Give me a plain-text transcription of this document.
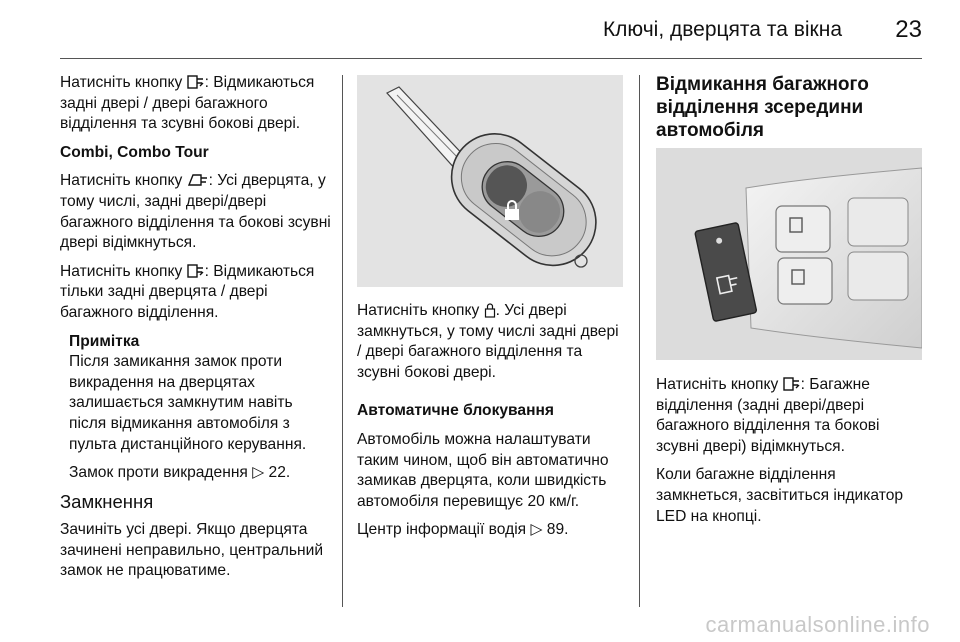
Ключі, дверцята та вікна 23

Натисніть кнопку : Відмикаються задні двері / двері багажного відділення та зсувні бокові двері.

Combi, Combo Tour

Натисніть кнопку : Усі дверцята, у тому числі, задні двері/двері багажного відділення та бокові зсувні двері відімкнуться.

Натисніть кнопку : Відмикаються тільки задні дверцята / двері багажного відділення.

Примітка

Після замикання замок проти викрадення на дверцятах залишається замкнутим навіть після відмикання автомобіля з пульта дистанційного керування.

Замок проти викрадення ▷ 22.

Замкнення

Зачиніть усі двері. Якщо дверцята зачинені неправильно, центральний замок не працюватиме.

Натисніть кнопку . Усі двері замкнуться, у тому числі задні двері / двері багажного відділення та зсувні бокові двері.

Автоматичне блокування

Автомобіль можна налаштувати таким чином, щоб він автоматично замикав дверцята, коли швидкість автомобіля перевищує 20 км/г.

Центр інформації водія ▷ 89.

Відмикання багажного відділення зсередини автомобіля

Натисніть кнопку : Багажне відділення (задні двері/двері багажного відділення та бокові зсувні двері) відімкнуться.

Коли багажне відділення замкнеться, засвітиться індикатор LED на кнопці.

carmanualsonline.info
